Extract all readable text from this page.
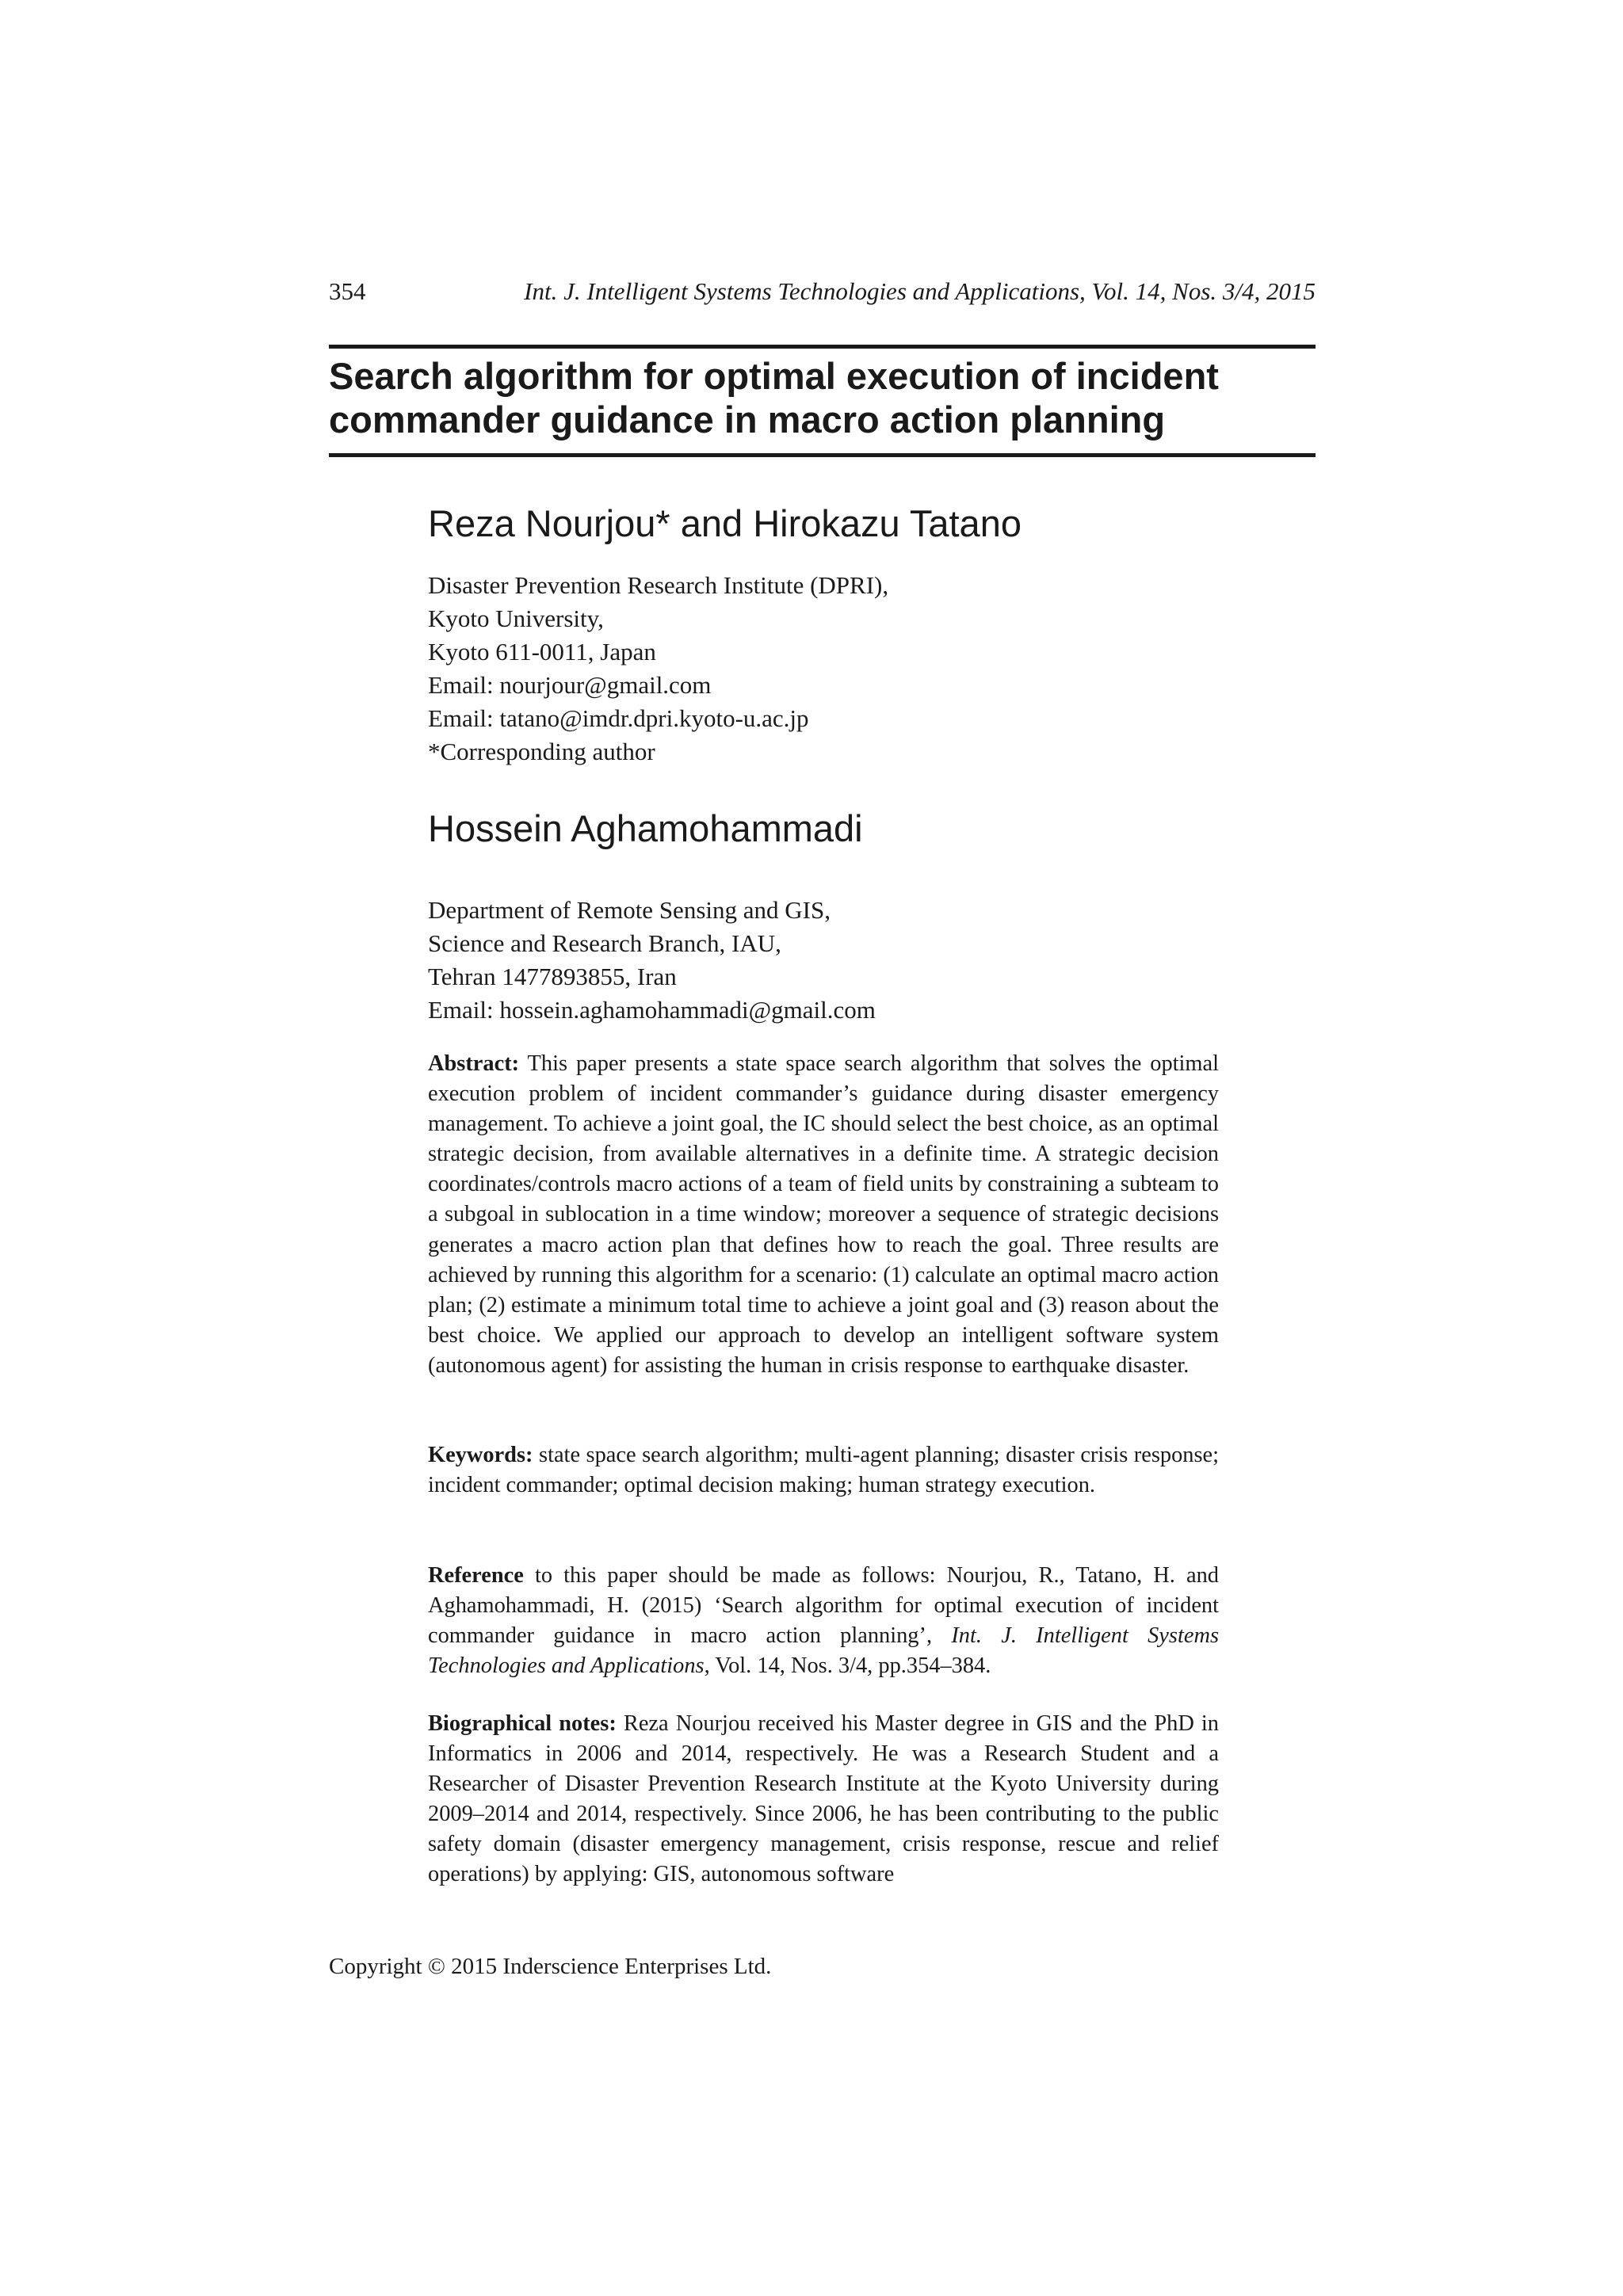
354	Int. J. Intelligent Systems Technologies and Applications, Vol. 14, Nos. 3/4, 2015
Search algorithm for optimal execution of incident
commander guidance in macro action planning

Reza Nourjou* and Hirokazu Tatano

Disaster Prevention Research Institute (DPRI),

Kyoto University,

Kyoto 611-0011, Japan

Email: nourjour@gmail.com

Email: tatano@imdr.dpri.kyoto-u.ac.jp

*Corresponding author

Hossein Aghamohammadi

Department of Remote Sensing and GIS,

Science and Research Branch, IAU,

Tehran 1477893855, Iran

Email: hossein.aghamohammadi@gmail.com

Abstract: This paper presents a state space search algorithm that solves the optimal execution problem of incident commander’s guidance during disaster emergency management. To achieve a joint goal, the IC should select the best choice, as an optimal strategic decision, from available alternatives in a definite time. A strategic decision coordinates/controls macro actions of a team of field units by constraining a subteam to a subgoal in sublocation in a time window; moreover a sequence of strategic decisions generates a macro action plan that defines how to reach the goal. Three results are achieved by running this algorithm for a scenario: (1) calculate an optimal macro action plan; (2) estimate a minimum total time to achieve a joint goal and (3) reason about the best choice. We applied our approach to develop an intelligent software system (autonomous agent) for assisting the human in crisis response to earthquake disaster.

Keywords: state space search algorithm; multi-agent planning; disaster crisis response; incident commander; optimal decision making; human strategy execution.

Reference to this paper should be made as follows: Nourjou, R., Tatano, H. and Aghamohammadi, H. (2015) ‘Search algorithm for optimal execution of incident commander guidance in macro action planning’, Int. J. Intelligent Systems Technologies and Applications, Vol. 14, Nos. 3/4, pp.354–384.

Biographical notes: Reza Nourjou received his Master degree in GIS and the PhD in Informatics in 2006 and 2014, respectively. He was a Research Student and a Researcher of Disaster Prevention Research Institute at the Kyoto University during 2009–2014 and 2014, respectively. Since 2006, he has been contributing to the public safety domain (disaster emergency management, crisis response, rescue and relief operations) by applying: GIS, autonomous software

Copyright © 2015 Inderscience Enterprises Ltd.
